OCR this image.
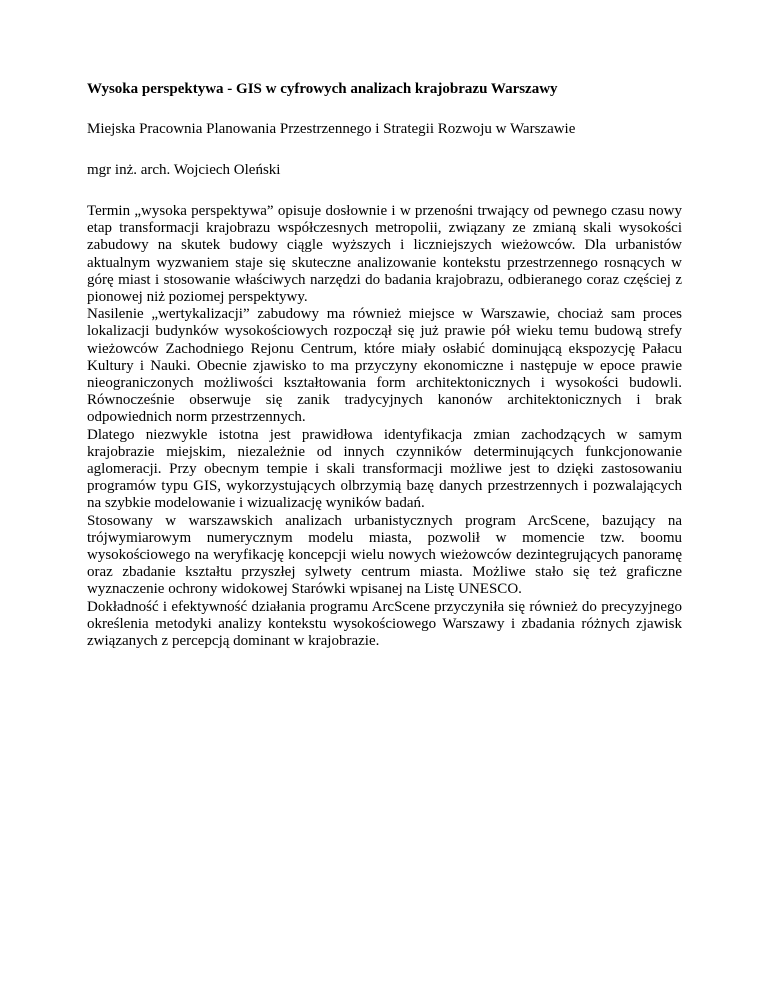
Wysoka perspektywa - GIS w cyfrowych analizach krajobrazu Warszawy
Miejska Pracownia Planowania Przestrzennego i Strategii Rozwoju w Warszawie
mgr inż. arch. Wojciech Oleński

Termin „wysoka perspektywa” opisuje dosłownie i w przenośni trwający od pewnego czasu nowy etap transformacji krajobrazu współczesnych metropolii, związany ze zmianą skali wysokości zabudowy na skutek budowy ciągle wyższych i liczniejszych wieżowców. Dla urbanistów aktualnym wyzwaniem staje się skuteczne analizowanie kontekstu przestrzennego rosnących w górę miast i stosowanie właściwych narzędzi do badania krajobrazu, odbieranego coraz częściej z pionowej niż poziomej perspektywy.

Nasilenie „wertykalizacji” zabudowy ma również miejsce w Warszawie, chociaż sam proces lokalizacji budynków wysokościowych rozpoczął się już prawie pół wieku temu budową strefy wieżowców Zachodniego Rejonu Centrum, które miały osłabić dominującą ekspozycję Pałacu Kultury i Nauki. Obecnie zjawisko to ma przyczyny ekonomiczne i następuje w epoce prawie nieograniczonych możliwości kształtowania form architektonicznych i wysokości budowli. Równocześnie obserwuje się zanik tradycyjnych kanonów architektonicznych i brak odpowiednich norm przestrzennych.

Dlatego niezwykle istotna jest prawidłowa identyfikacja zmian zachodzących w samym krajobrazie miejskim, niezależnie od innych czynników determinujących funkcjonowanie aglomeracji. Przy obecnym tempie i skali transformacji możliwe jest to dzięki zastosowaniu programów typu GIS, wykorzystujących olbrzymią bazę danych przestrzennych i pozwalających na szybkie modelowanie i wizualizację wyników badań.

Stosowany w warszawskich analizach urbanistycznych program ArcScene, bazujący na trójwymiarowym numerycznym modelu miasta, pozwolił w momencie tzw. boomu wysokościowego na weryfikację koncepcji wielu nowych wieżowców dezintegrujących panoramę oraz zbadanie kształtu przyszłej sylwety centrum miasta. Możliwe stało się też graficzne wyznaczenie ochrony widokowej Starówki wpisanej na Listę UNESCO.

Dokładność i efektywność działania programu ArcScene przyczyniła się również do precyzyjnego określenia metodyki analizy kontekstu wysokościowego Warszawy i zbadania różnych zjawisk związanych z percepcją dominant w krajobrazie.
